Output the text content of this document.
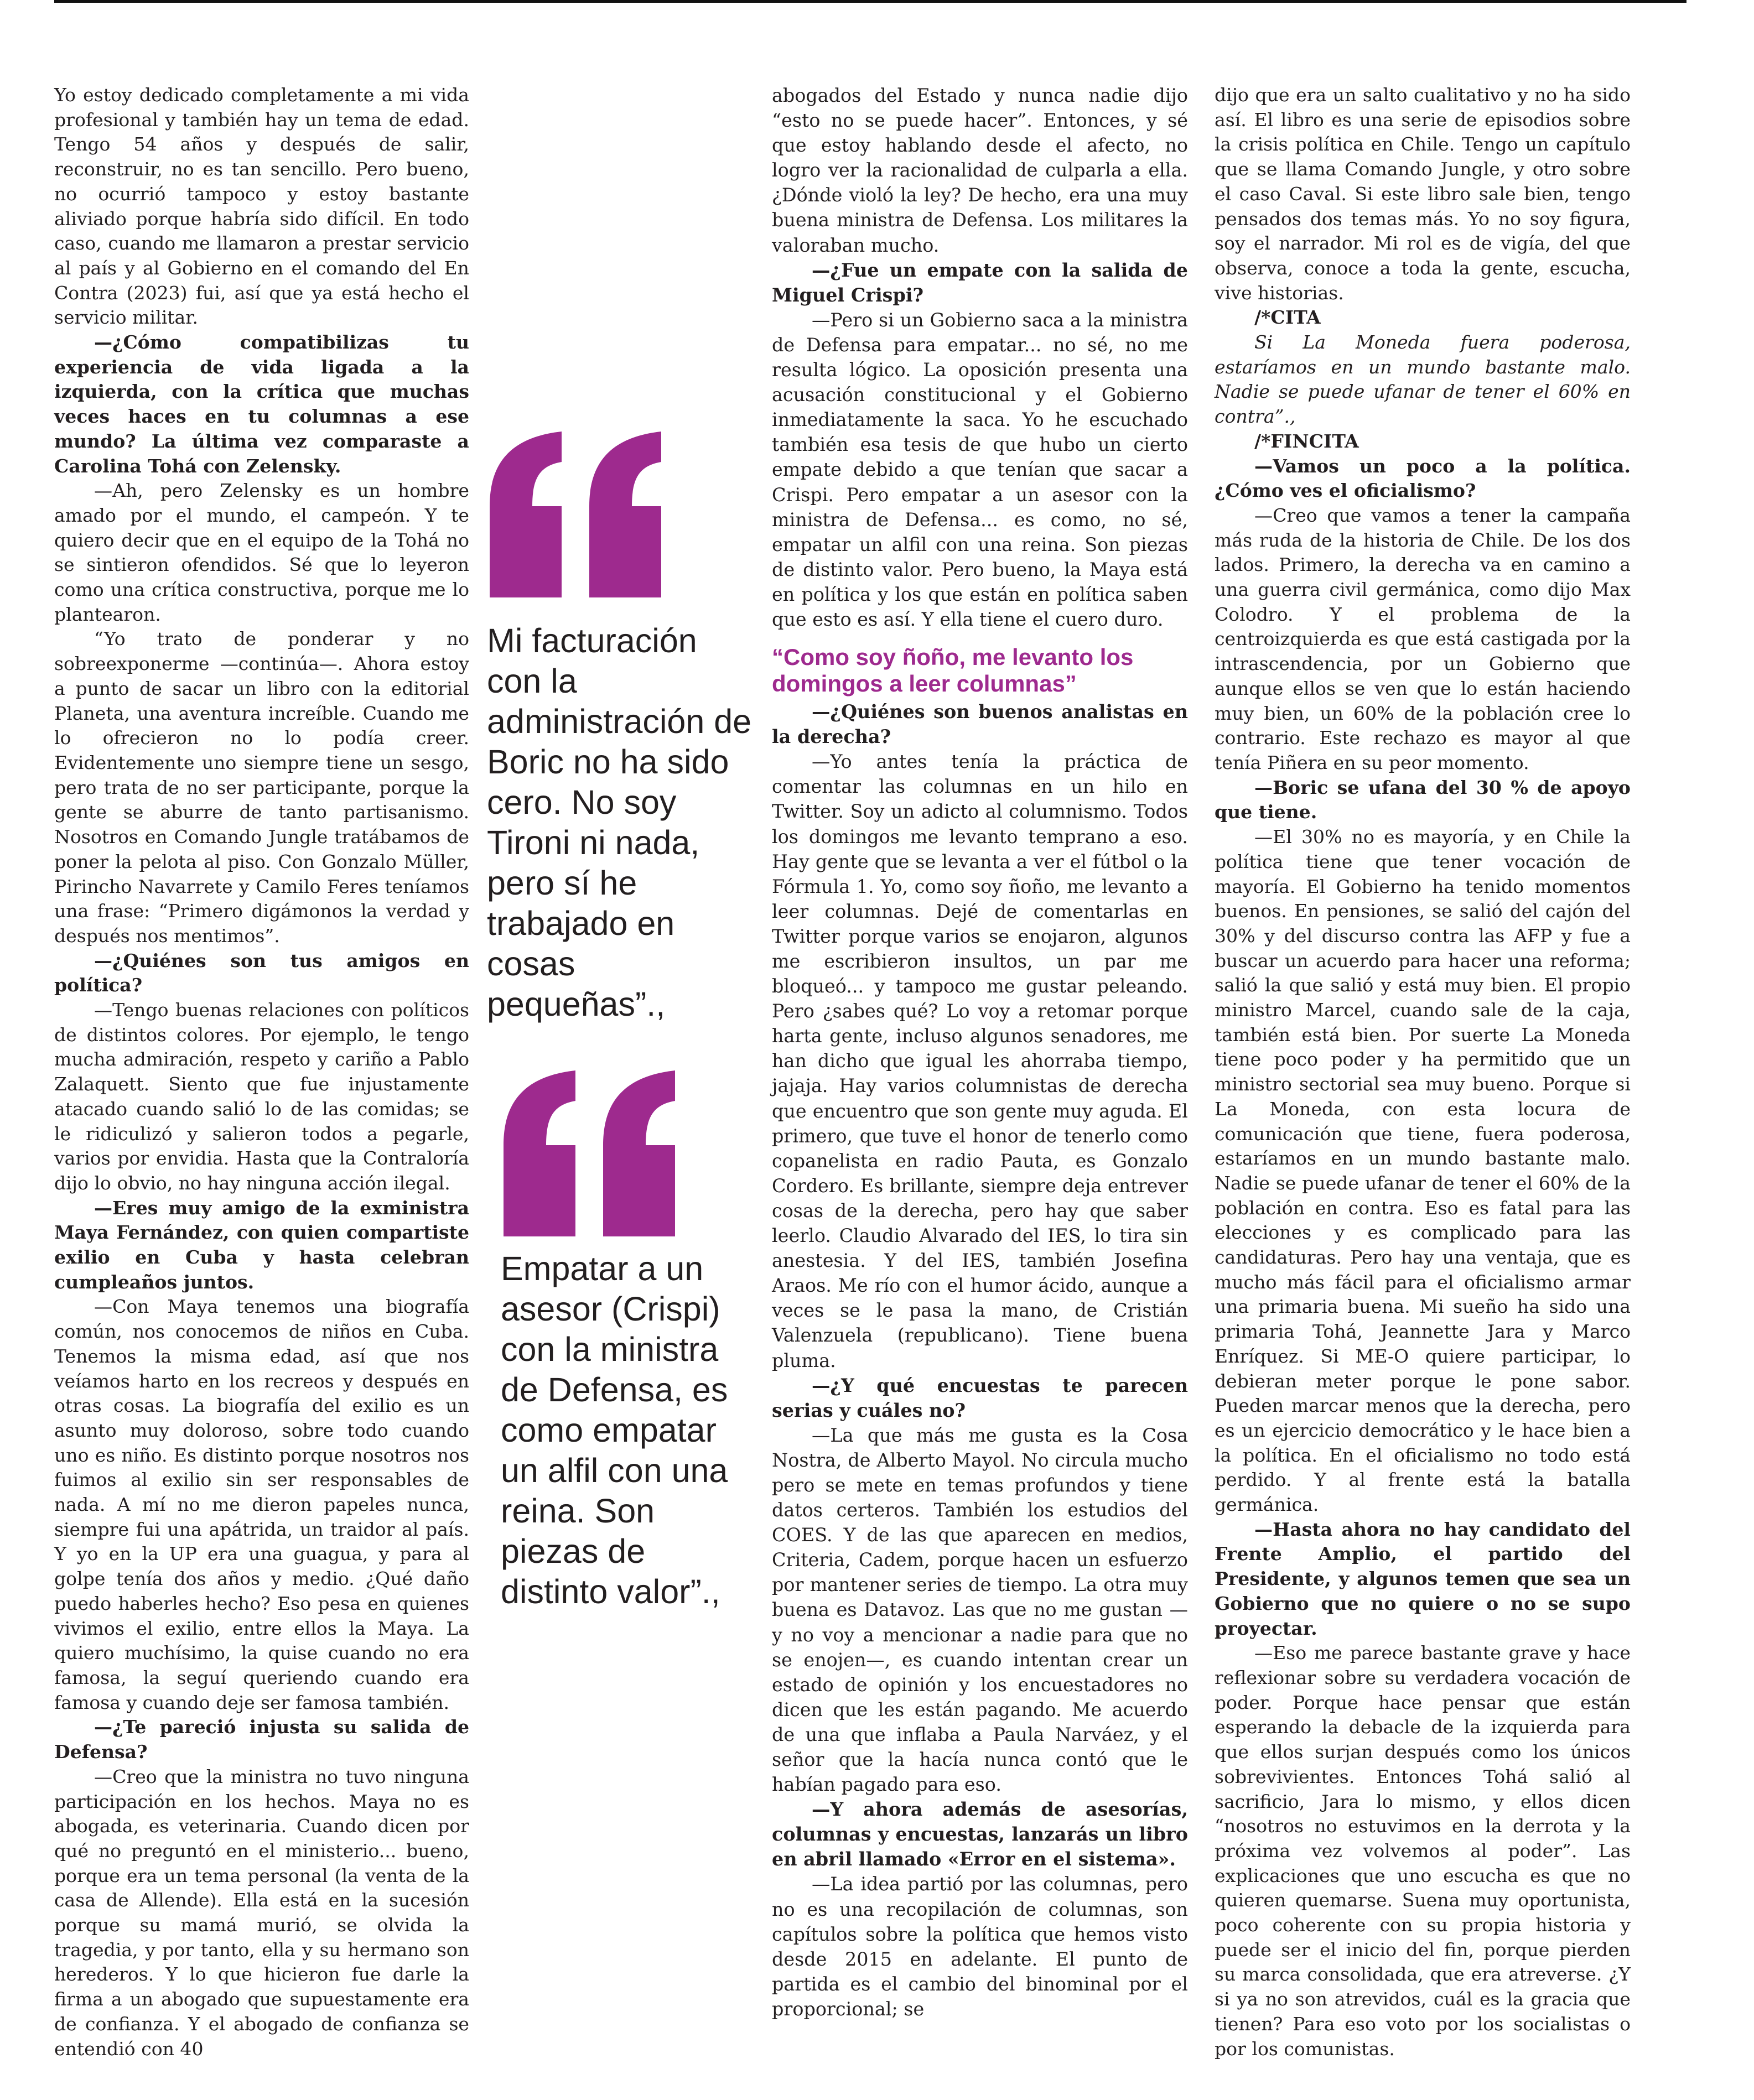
Yo estoy dedicado completamente a mi vida profesional y también hay un tema de edad. Tengo 54 años y después de salir, reconstruir, no es tan sencillo. Pero bueno, no ocurrió tampoco y estoy bastante aliviado porque habría sido difícil. En todo caso, cuando me llamaron a prestar servicio al país y al Gobierno en el comando del En Contra (2023) fui, así que ya está hecho el servicio militar.

—¿Cómo compatibilizas tu experiencia de vida ligada a la izquierda, con la crítica que muchas veces haces en tu columnas a ese mundo? La última vez comparaste a Carolina Tohá con Zelensky.

—Ah, pero Zelensky es un hombre amado por el mundo, el campeón. Y te quiero decir que en el equipo de la Tohá no se sintieron ofendidos. Sé que lo leyeron como una crítica constructiva, porque me lo plantearon.

“Yo trato de ponderar y no sobreexponerme —continúa—. Ahora estoy a punto de sacar un libro con la editorial Planeta, una aventura increíble. Cuando me lo ofrecieron no lo podía creer. Evidentemente uno siempre tiene un sesgo, pero trata de no ser participante, porque la gente se aburre de tanto partisanismo. Nosotros en Comando Jungle tratábamos de poner la pelota al piso. Con Gonzalo Müller, Pirincho Navarrete y Camilo Feres teníamos una frase: “Primero digámonos la verdad y después nos mentimos”.

—¿Quiénes son tus amigos en política?

—Tengo buenas relaciones con políticos de distintos colores. Por ejemplo, le tengo mucha admiración, respeto y cariño a Pablo Zalaquett. Siento que fue injustamente atacado cuando salió lo de las comidas; se le ridiculizó y salieron todos a pegarle, varios por envidia. Hasta que la Contraloría dijo lo obvio, no hay ninguna acción ilegal.

—Eres muy amigo de la exministra Maya Fernández, con quien compartiste exilio en Cuba y hasta celebran cumpleaños juntos.

—Con Maya tenemos una biografía común, nos conocemos de niños en Cuba. Tenemos la misma edad, así que nos veíamos harto en los recreos y después en otras cosas. La biografía del exilio es un asunto muy doloroso, sobre todo cuando uno es niño. Es distinto porque nosotros nos fuimos al exilio sin ser responsables de nada. A mí no me dieron papeles nunca, siempre fui una apátrida, un traidor al país. Y yo en la UP era una guagua, y para al golpe tenía dos años y medio. ¿Qué daño puedo haberles hecho? Eso pesa en quienes vivimos el exilio, entre ellos la Maya. La quiero muchísimo, la quise cuando no era famosa, la seguí queriendo cuando era famosa y cuando deje ser famosa también.

—¿Te pareció injusta su salida de Defensa?

—Creo que la ministra no tuvo ninguna participación en los hechos. Maya no es abogada, es veterinaria. Cuando dicen por qué no preguntó en el ministerio... bueno, porque era un tema personal (la venta de la casa de Allende). Ella está en la sucesión porque su mamá murió, se olvida la tragedia, y por tanto, ella y su hermano son herederos. Y lo que hicieron fue darle la firma a un abogado que supuestamente era de confianza. Y el abogado de confianza se entendió con 40

Mi facturación con la administración de Boric no ha sido cero. No soy Tironi ni nada, pero sí he trabajado en cosas pequeñas”.,

Empatar a un asesor (Crispi) con la ministra de Defensa, es como empatar un alfil con una reina. Son piezas de distinto valor”.,

abogados del Estado y nunca nadie dijo “esto no se puede hacer”. Entonces, y sé que estoy hablando desde el afecto, no logro ver la racionalidad de culparla a ella. ¿Dónde violó la ley? De hecho, era una muy buena ministra de Defensa. Los militares la valoraban mucho.

—¿Fue un empate con la salida de Miguel Crispi?

—Pero si un Gobierno saca a la ministra de Defensa para empatar... no sé, no me resulta lógico. La oposición presenta una acusación constitucional y el Gobierno inmediatamente la saca. Yo he escuchado también esa tesis de que hubo un cierto empate debido a que tenían que sacar a Crispi. Pero empatar a un asesor con la ministra de Defensa... es como, no sé, empatar un alfil con una reina. Son piezas de distinto valor. Pero bueno, la Maya está en política y los que están en política saben que esto es así. Y ella tiene el cuero duro.

“Como soy ñoño, me levanto los domingos a leer columnas”

—¿Quiénes son buenos analistas en la derecha?

—Yo antes tenía la práctica de comentar las columnas en un hilo en Twitter. Soy un adicto al columnismo. Todos los domingos me levanto temprano a eso. Hay gente que se levanta a ver el fútbol o la Fórmula 1. Yo, como soy ñoño, me levanto a leer columnas. Dejé de comentarlas en Twitter porque varios se enojaron, algunos me escribieron insultos, un par me bloqueó... y tampoco me gustar peleando. Pero ¿sabes qué? Lo voy a retomar porque harta gente, incluso algunos senadores, me han dicho que igual les ahorraba tiempo, jajaja. Hay varios columnistas de derecha que encuentro que son gente muy aguda. El primero, que tuve el honor de tenerlo como copanelista en radio Pauta, es Gonzalo Cordero. Es brillante, siempre deja entrever cosas de la derecha, pero hay que saber leerlo. Claudio Alvarado del IES, lo tira sin anestesia. Y del IES, también Josefina Araos. Me río con el humor ácido, aunque a veces se le pasa la mano, de Cristián Valenzuela (republicano). Tiene buena pluma.

—¿Y qué encuestas te parecen serias y cuáles no?

—La que más me gusta es la Cosa Nostra, de Alberto Mayol. No circula mucho pero se mete en temas profundos y tiene datos certeros. También los estudios del COES. Y de las que aparecen en medios, Criteria, Cadem, porque hacen un esfuerzo por mantener series de tiempo. La otra muy buena es Datavoz. Las que no me gustan —y no voy a mencionar a nadie para que no se enojen—, es cuando intentan crear un estado de opinión y los encuestadores no dicen que les están pagando. Me acuerdo de una que inflaba a Paula Narváez, y el señor que la hacía nunca contó que le habían pagado para eso.

—Y ahora además de asesorías, columnas y encuestas, lanzarás un libro en abril llamado «Error en el sistema».

—La idea partió por las columnas, pero no es una recopilación de columnas, son capítulos sobre la política que hemos visto desde 2015 en adelante. El punto de partida es el cambio del binominal por el proporcional; se

dijo que era un salto cualitativo y no ha sido así. El libro es una serie de episodios sobre la crisis política en Chile. Tengo un capítulo que se llama Comando Jungle, y otro sobre el caso Caval. Si este libro sale bien, tengo pensados dos temas más. Yo no soy figura, soy el narrador. Mi rol es de vigía, del que observa, conoce a toda la gente, escucha, vive historias.

/*CITA

Si La Moneda fuera poderosa, estaríamos en un mundo bastante malo. Nadie se puede ufanar de tener el 60% en contra”.,

/*FINCITA

—Vamos un poco a la política. ¿Cómo ves el oficialismo?

—Creo que vamos a tener la campaña más ruda de la historia de Chile. De los dos lados. Primero, la derecha va en camino a una guerra civil germánica, como dijo Max Colodro. Y el problema de la centroizquierda es que está castigada por la intrascendencia, por un Gobierno que aunque ellos se ven que lo están haciendo muy bien, un 60% de la población cree lo contrario. Este rechazo es mayor al que tenía Piñera en su peor momento.

—Boric se ufana del 30 % de apoyo que tiene.

—El 30% no es mayoría, y en Chile la política tiene que tener vocación de mayoría. El Gobierno ha tenido momentos buenos. En pensiones, se salió del cajón del 30% y del discurso contra las AFP y fue a buscar un acuerdo para hacer una reforma; salió la que salió y está muy bien. El propio ministro Marcel, cuando sale de la caja, también está bien. Por suerte La Moneda tiene poco poder y ha permitido que un ministro sectorial sea muy bueno. Porque si La Moneda, con esta locura de comunicación que tiene, fuera poderosa, estaríamos en un mundo bastante malo. Nadie se puede ufanar de tener el 60% de la población en contra. Eso es fatal para las elecciones y es complicado para las candidaturas. Pero hay una ventaja, que es mucho más fácil para el oficialismo armar una primaria buena. Mi sueño ha sido una primaria Tohá, Jeannette Jara y Marco Enríquez. Si ME-O quiere participar, lo debieran meter porque le pone sabor. Pueden marcar menos que la derecha, pero es un ejercicio democrático y le hace bien a la política. En el oficialismo no todo está perdido. Y al frente está la batalla germánica.

—Hasta ahora no hay candidato del Frente Amplio, el partido del Presidente, y algunos temen que sea un Gobierno que no quiere o no se supo proyectar.

—Eso me parece bastante grave y hace reflexionar sobre su verdadera vocación de poder. Porque hace pensar que están esperando la debacle de la izquierda para que ellos surjan después como los únicos sobrevivientes. Entonces Tohá salió al sacrificio, Jara lo mismo, y ellos dicen “nosotros no estuvimos en la derrota y la próxima vez volvemos al poder”. Las explicaciones que uno escucha es que no quieren quemarse. Suena muy oportunista, poco coherente con su propia historia y puede ser el inicio del fin, porque pierden su marca consolidada, que era atreverse. ¿Y si ya no son atrevidos, cuál es la gracia que tienen? Para eso voto por los socialistas o por los comunistas.
